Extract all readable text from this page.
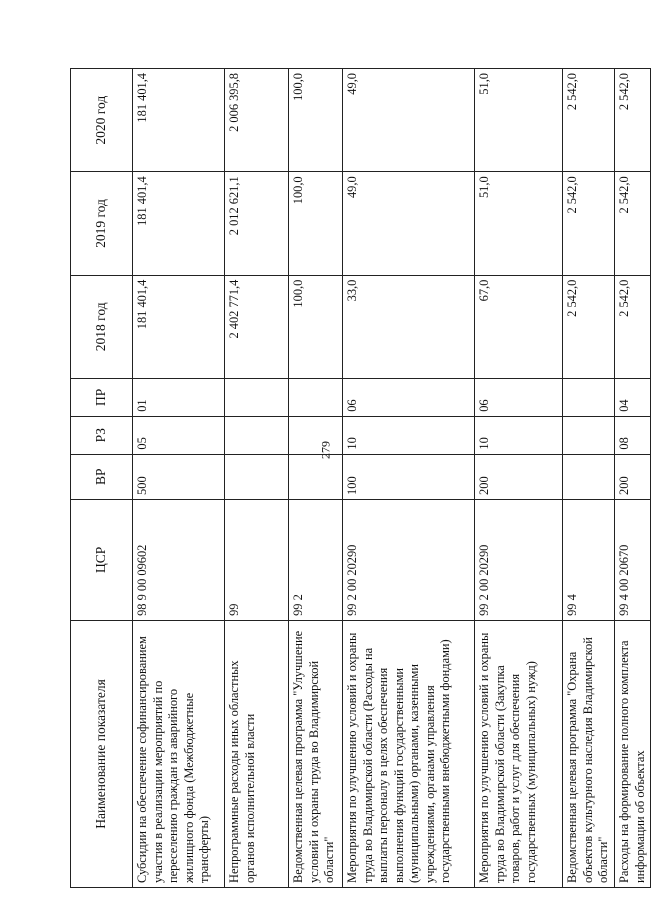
279
Наименование показателя	ЦСР	ВР	РЗ	ПР	2018 год	2019 год	2020 год
Субсидии на обеспечение софинансированием участия в реализации мероприятий по переселению граждан из аварийного жилищного фонда (Межбюджетные трансферты)	98 9 00 09602	500	05	01	181 401,4	181 401,4	181 401,4
Непрограммные расходы иных областных органов исполнительной власти	99				2 402 771,4	2 012 621,1	2 006 395,8
Ведомственная целевая программа "Улучшение условий и охраны труда во Владимирской области"	99 2				100,0	100,0	100,0
Мероприятия по улучшению условий и охраны труда во Владимирской области (Расходы на выплаты персоналу в целях обеспечения выполнения функций государственными (муниципальными) органами, казенными учреждениями, органами управления государственными внебюджетными фондами)	99 2 00 20290	100	10	06	33,0	49,0	49,0
Мероприятия по улучшению условий и охраны труда во Владимирской области (Закупка товаров, работ и услуг для обеспечения государственных (муниципальных) нужд)	99 2 00 20290	200	10	06	67,0	51,0	51,0
Ведомственная целевая программа "Охрана объектов культурного наследия Владимирской области"	99 4				2 542,0	2 542,0	2 542,0
Расходы на формирование полного комплекта информации об объектах	99 4 00 20670	200	08	04	2 542,0	2 542,0	2 542,0
